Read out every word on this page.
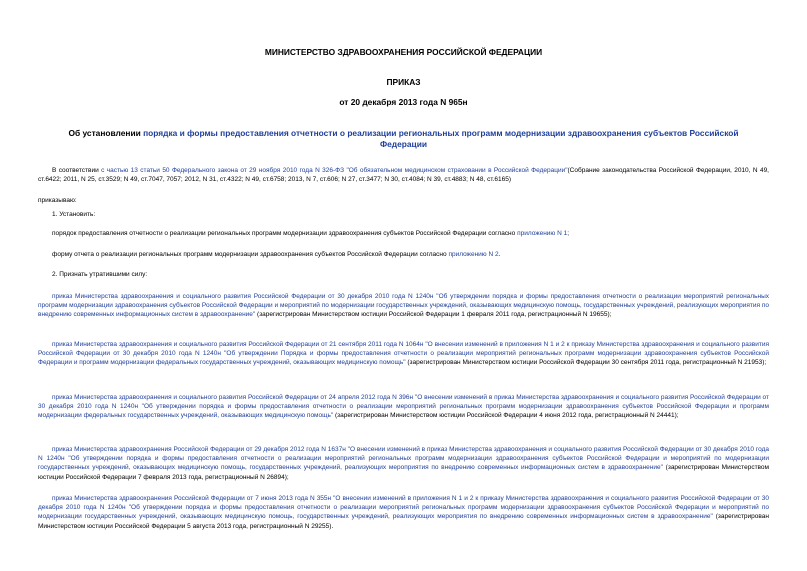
МИНИСТЕРСТВО ЗДРАВООХРАНЕНИЯ РОССИЙСКОЙ ФЕДЕРАЦИИ
ПРИКАЗ
от 20 декабря 2013 года N 965н
Об установлении порядка и формы предоставления отчетности о реализации региональных программ модернизации здравоохранения субъектов Российской Федерации
В соответствии с частью 13 статьи 50 Федерального закона от 29 ноября 2010 года N 326-ФЗ "Об обязательном медицинском страховании в Российской Федерации"(Собрание законодательства Российской Федерации, 2010, N 49, ст.6422; 2011, N 25, ст.3529; N 49, ст.7047, 7057; 2012, N 31, ст.4322; N 49, ст.6758; 2013, N 7, ст.606; N 27, ст.3477; N 30, ст.4084; N 39, ст.4883; N 48, ст.6165)
приказываю:
1. Установить:
порядок предоставления отчетности о реализации региональных программ модернизации здравоохранения субъектов Российской Федерации согласно приложению N 1;
форму отчета о реализации региональных программ модернизации здравоохранения субъектов Российской Федерации согласно приложению N 2.
2. Признать утратившими силу:
приказ Министерства здравоохранения и социального развития Российской Федерации от 30 декабря 2010 года N 1240н "Об утверждении порядка и формы предоставления отчетности о реализации мероприятий региональных программ модернизации здравоохранения субъектов Российской Федерации и мероприятий по модернизации государственных учреждений, оказывающих медицинскую помощь, государственных учреждений, реализующих мероприятия по внедрению современных информационных систем в здравоохранение" (зарегистрирован Министерством юстиции Российской Федерации 1 февраля 2011 года, регистрационный N 19655);
приказ Министерства здравоохранения и социального развития Российской Федерации от 21 сентября 2011 года N 1064н "О внесении изменений в приложения N 1 и 2 к приказу Министерства здравоохранения и социального развития Российской Федерации от 30 декабря 2010 года N 1240н "Об утверждении Порядка и формы предоставления отчетности о реализации мероприятий региональных программ модернизации здравоохранения субъектов Российской Федерации и программ модернизации федеральных государственных учреждений, оказывающих медицинскую помощь" (зарегистрирован Министерством юстиции Российской Федерации 30 сентября 2011 года, регистрационный N 21953);
приказ Министерства здравоохранения и социального развития Российской Федерации от 24 апреля 2012 года N 396н "О внесении изменений в приказ Министерства здравоохранения и социального развития Российской Федерации от 30 декабря 2010 года N 1240н "Об утверждении порядка и формы предоставления отчетности о реализации мероприятий региональных программ модернизации здравоохранения субъектов Российской Федерации и программ модернизации федеральных государственных учреждений, оказывающих медицинскую помощь" (зарегистрирован Министерством юстиции Российской Федерации 4 июня 2012 года, регистрационный N 24441);
приказ Министерства здравоохранения Российской Федерации от 29 декабря 2012 года N 1637н "О внесении изменений в приказ Министерства здравоохранения и социального развития Российской Федерации от 30 декабря 2010 года N 1240н "Об утверждении порядка и формы предоставления отчетности о реализации мероприятий региональных программ модернизации здравоохранения субъектов Российской Федерации и мероприятий по модернизации государственных учреждений, оказывающих медицинскую помощь, государственных учреждений, реализующих мероприятия по внедрению современных информационных систем в здравоохранение" (зарегистрирован Министерством юстиции Российской Федерации 7 февраля 2013 года, регистрационный N 26894);
приказ Министерства здравоохранения Российской Федерации от 7 июня 2013 года N 355н "О внесении изменений в приложения N 1 и 2 к приказу Министерства здравоохранения и социального развития Российской Федерации от 30 декабря 2010 года N 1240н "Об утверждении порядка и формы предоставления отчетности о реализации мероприятий региональных программ модернизации здравоохранения субъектов Российской Федерации и мероприятий по модернизации государственных учреждений, оказывающих медицинскую помощь, государственных учреждений, реализующих мероприятия по внедрению современных информационных систем в здравоохранение" (зарегистрирован Министерством юстиции Российской Федерации 5 августа 2013 года, регистрационный N 29255).
